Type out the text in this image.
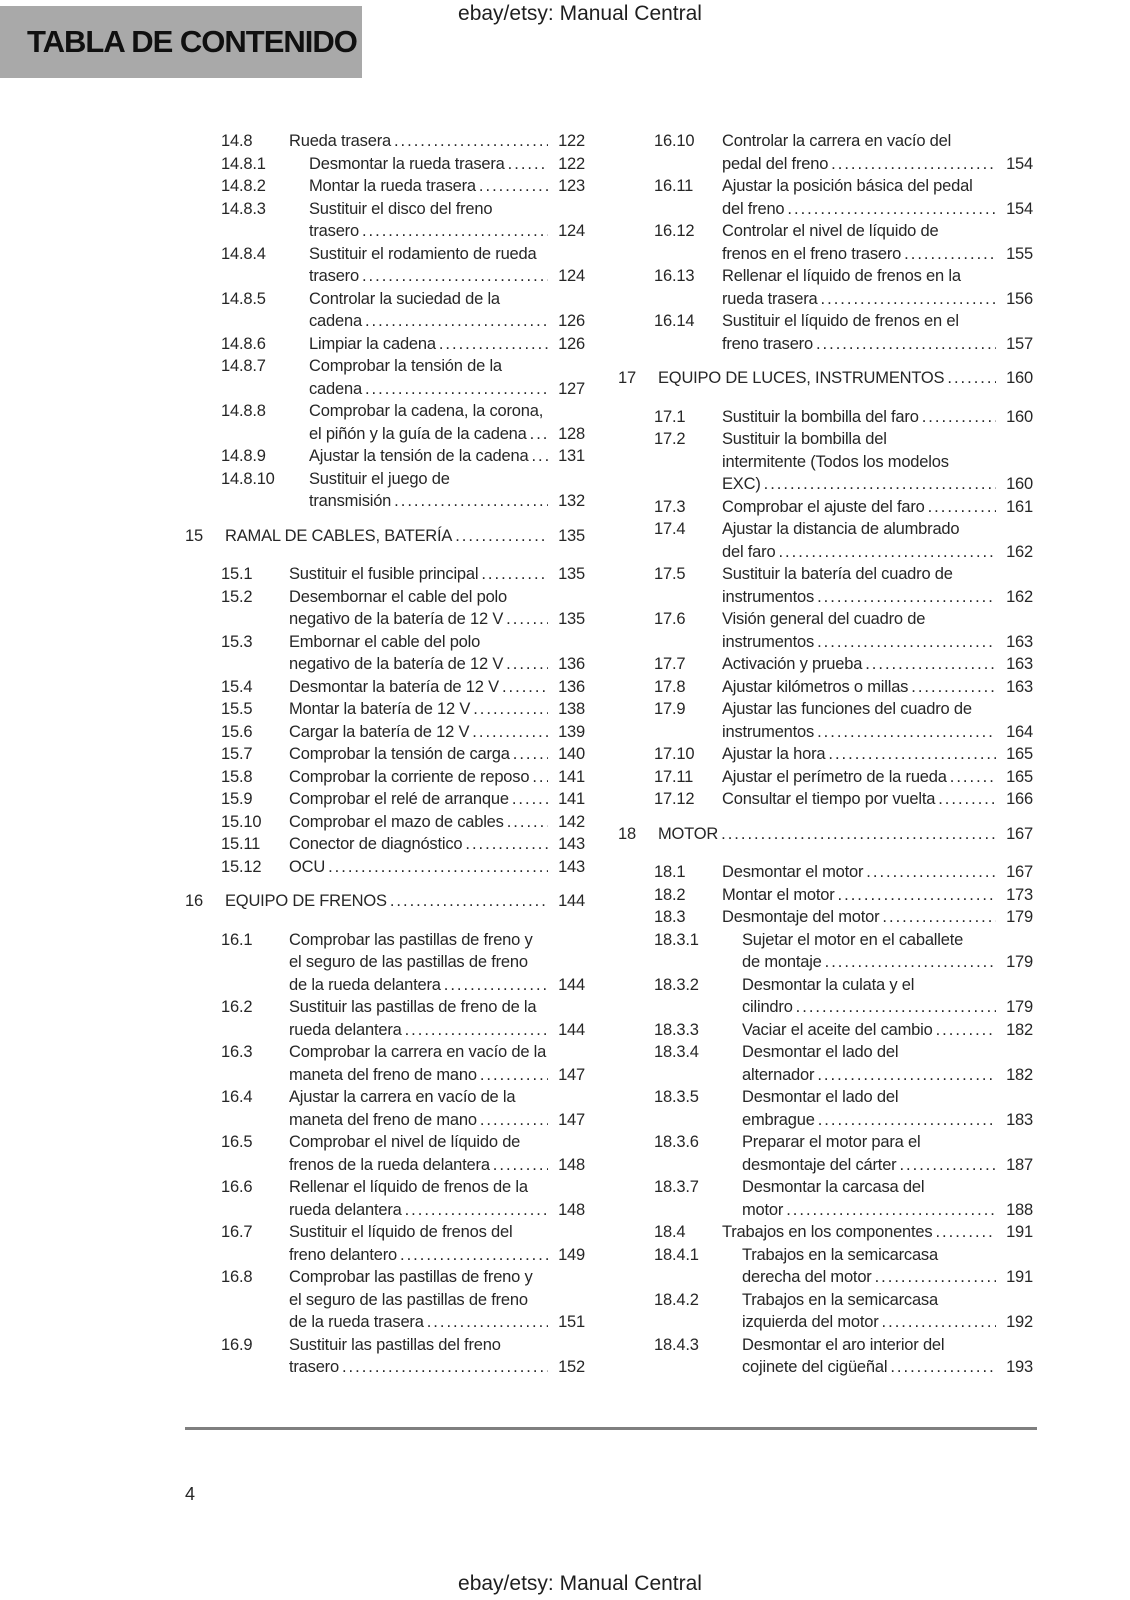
ebay/etsy: Manual Central
TABLA DE CONTENIDO
14.8	Rueda trasera .....	122
14.8.1	Desmontar la rueda trasera .....	122
14.8.2	Montar la rueda trasera .....	123
14.8.3	Sustituir el disco del freno
trasero .....	124
14.8.4	Sustituir el rodamiento de rueda
trasero .....	124
14.8.5	Controlar la suciedad de la
cadena .....	126
14.8.6	Limpiar la cadena .....	126
14.8.7	Comprobar la tensión de la
cadena .....	127
14.8.8	Comprobar la cadena, la corona,
el piñón y la guía de la cadena ..... 128
14.8.9	Ajustar la tensión de la cadena ..... 131
14.8.10	Sustituir el juego de
transmisión .....	132
15	RAMAL DE CABLES, BATERÍA .....	135
15.1	Sustituir el fusible principal .....	135
15.2	Desembornar el cable del polo
negativo de la batería de 12 V .....	135
15.3	Embornar el cable del polo
negativo de la batería de 12 V .....	136
15.4	Desmontar la batería de 12 V .....	136
15.5	Montar la batería de 12 V .....	138
15.6	Cargar la batería de 12 V .....	139
15.7	Comprobar la tensión de carga .....	140
15.8	Comprobar la corriente de reposo ..... 141
15.9	Comprobar el relé de arranque .....	141
15.10	Comprobar el mazo de cables .....	142
15.11	Conector de diagnóstico .....	143
15.12	OCU .....	143
16	EQUIPO DE FRENOS .....	144
16.1	Comprobar las pastillas de freno y
el seguro de las pastillas de freno
de la rueda delantera .....	144
16.2	Sustituir las pastillas de freno de la
rueda delantera .....	144
16.3	Comprobar la carrera en vacío de la
maneta del freno de mano .....	147
16.4	Ajustar la carrera en vacío de la
maneta del freno de mano .....	147
16.5	Comprobar el nivel de líquido de
frenos de la rueda delantera .....	148
16.6	Rellenar el líquido de frenos de la
rueda delantera .....	148
16.7	Sustituir el líquido de frenos del
freno delantero .....	149
16.8	Comprobar las pastillas de freno y
el seguro de las pastillas de freno
de la rueda trasera .....	151
16.9	Sustituir las pastillas del freno
trasero .....	152
16.10	Controlar la carrera en vacío del
pedal del freno .....	154
16.11	Ajustar la posición básica del pedal
del freno .....	154
16.12	Controlar el nivel de líquido de
frenos en el freno trasero .....	155
16.13	Rellenar el líquido de frenos en la
rueda trasera .....	156
16.14	Sustituir el líquido de frenos en el
freno trasero .....	157
17	EQUIPO DE LUCES, INSTRUMENTOS .....	160
17.1	Sustituir la bombilla del faro .....	160
17.2	Sustituir la bombilla del
intermitente (Todos los modelos
EXC) .....	160
17.3	Comprobar el ajuste del faro .....	161
17.4	Ajustar la distancia de alumbrado
del faro .....	162
17.5	Sustituir la batería del cuadro de
instrumentos .....	162
17.6	Visión general del cuadro de
instrumentos .....	163
17.7	Activación y prueba .....	163
17.8	Ajustar kilómetros o millas .....	163
17.9	Ajustar las funciones del cuadro de
instrumentos .....	164
17.10	Ajustar la hora .....	165
17.11	Ajustar el perímetro de la rueda .....	165
17.12	Consultar el tiempo por vuelta .....	166
18	MOTOR .....	167
18.1	Desmontar el motor .....	167
18.2	Montar el motor .....	173
18.3	Desmontaje del motor .....	179
18.3.1	Sujetar el motor en el caballete
de montaje .....	179
18.3.2	Desmontar la culata y el
cilindro .....	179
18.3.3	Vaciar el aceite del cambio .....	182
18.3.4	Desmontar el lado del
alternador .....	182
18.3.5	Desmontar el lado del
embrague .....	183
18.3.6	Preparar el motor para el
desmontaje del cárter .....	187
18.3.7	Desmontar la carcasa del
motor .....	188
18.4	Trabajos en los componentes .....	191
18.4.1	Trabajos en la semicarcasa
derecha del motor .....	191
18.4.2	Trabajos en la semicarcasa
izquierda del motor .....	192
18.4.3	Desmontar el aro interior del
cojinete del cigüeñal .....	193
4
ebay/etsy: Manual Central
